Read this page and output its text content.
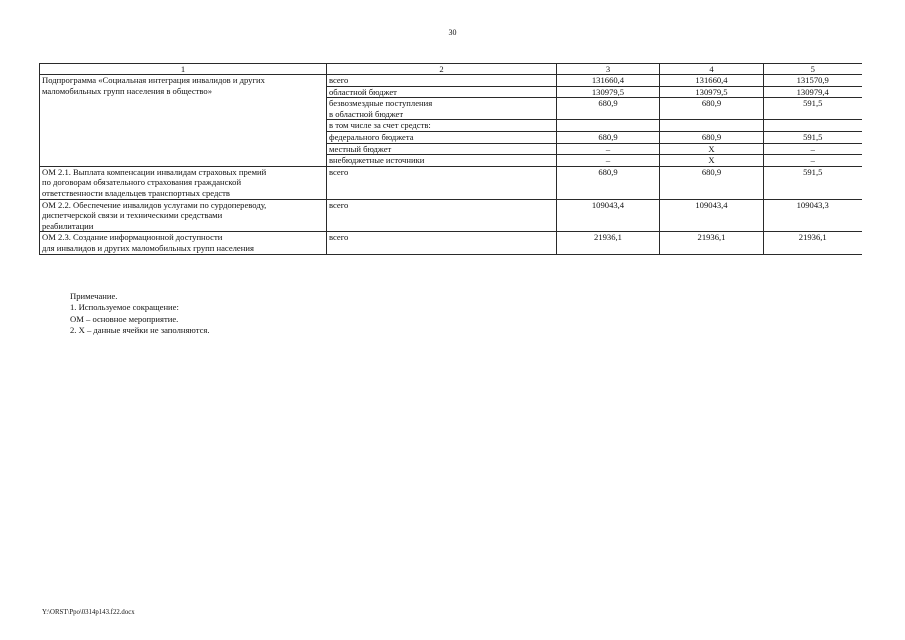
30
1	2	3	4	5

Подпрограмма «Социальная интеграция инвалидов и других
маломобильных групп населения в общество»	всего	131660,4	131660,4	131570,9

	областной бюджет	130979,5	130979,5	130979,4

	безвозмездные поступления
в областной бюджет	680,9	680,9	591,5

	в том числе за счет средств:			

	федерального бюджета	680,9	680,9	591,5

	местный бюджет	–	X	–

	внебюджетные источники	–	X	–

ОМ 2.1. Выплата компенсации инвалидам страховых премий
по договорам обязательного страхования гражданской
ответственности владельцев транспортных средств	всего	680,9	680,9	591,5

ОМ 2.2. Обеспечение инвалидов услугами по сурдопереводу,
диспетчерской связи и техническими средствами
реабилитации	всего	109043,4	109043,4	109043,3

ОМ 2.3. Создание информационной доступности
для инвалидов и других маломобильных групп населения	всего	21936,1	21936,1	21936,1
Примечание.
1. Используемое сокращение:
ОМ – основное мероприятие.
2. X – данные ячейки не заполняются.
Y:\ORST\Ppo\0314p143.f22.docx
